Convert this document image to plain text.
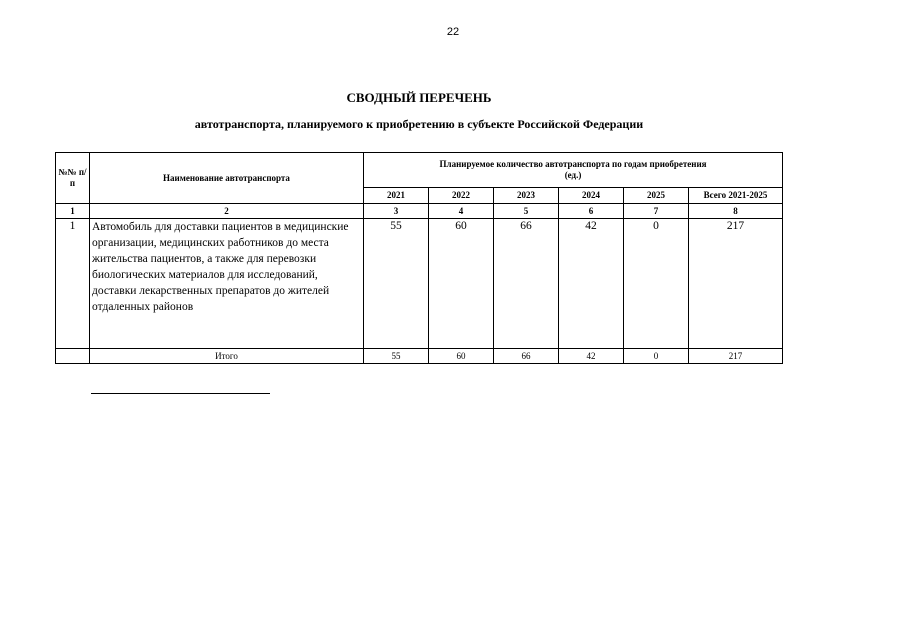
22
СВОДНЫЙ ПЕРЕЧЕНЬ
автотранспорта, планируемого к приобретению в субъекте Российской Федерации
№№ п/п	Наименование автотранспорта	Планируемое количество автотранспорта по годам приобретения
(ед.)					

		2021	2022	2023	2024	2025	Всего 2021-2025
1	2	3	4	5	6	7	8
1	Автомобиль для доставки пациентов в медицинские организации, медицинских работников до места жительства пациентов, а также для перевозки биологических материалов для исследований, доставки лекарственных препаратов до жителей отдаленных районов	55	60	66	42	0	217
	Итого	55	60	66	42	0	217
